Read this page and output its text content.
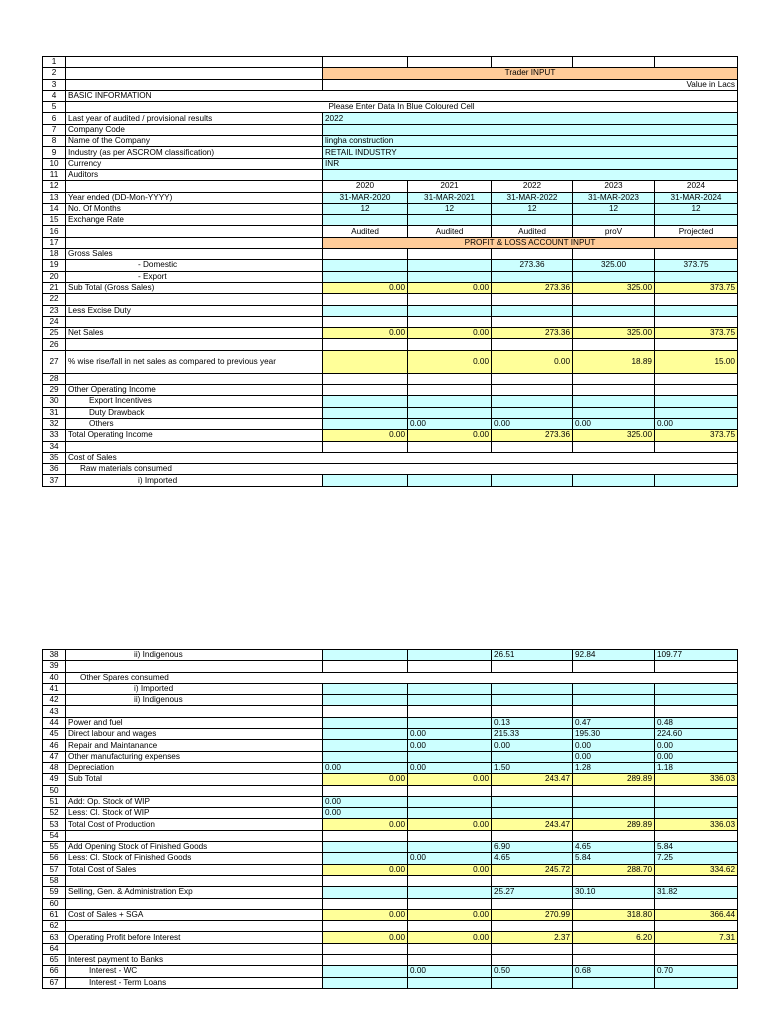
1						
2		Trader INPUT				
3		Value in Lacs				
4	BASIC INFORMATION					
5	Please Enter Data In Blue Coloured Cell					
6	Last year of audited / provisional results	2022				
7	Company Code					
8	Name of the Company	lingha construction				
9	Industry (as per ASCROM classification)	RETAIL INDUSTRY				
10	Currency	INR				
11	Auditors					
12		2020	2021	2022	2023	2024
13	Year ended (DD-Mon-YYYY)	31-MAR-2020	31-MAR-2021	31-MAR-2022	31-MAR-2023	31-MAR-2024
14	No. Of Months	12	12	12	12	12
15	Exchange Rate					
16		Audited	Audited	Audited	proV	Projected
17		PROFIT & LOSS ACCOUNT INPUT				
18	Gross Sales					
19	- Domestic			273.36	325.00	373.75
20	- Export					
21	Sub Total (Gross Sales)	0.00	0.00	273.36	325.00	373.75
22						
23	Less Excise Duty					
24						
25	Net Sales	0.00	0.00	273.36	325.00	373.75
26						
27	% wise rise/fall in net sales as compared to previous year		0.00	0.00	18.89	15.00
28						
29	Other Operating Income					
30	Export Incentives					
31	Duty Drawback					
32	Others		0.00	0.00	0.00	0.00
33	Total Operating Income	0.00	0.00	273.36	325.00	373.75
34						
35	Cost of Sales					
36	Raw materials consumed					
37	i) Imported					
38	ii) Indigenous			26.51	92.84	109.77
39						
40	Other Spares consumed					
41	i) Imported					
42	ii) Indigenous					
43						
44	Power and fuel			0.13	0.47	0.48
45	Direct labour and wages		0.00	215.33	195.30	224.60
46	Repair and Maintanance		0.00	0.00	0.00	0.00
47	Other manufacturing expenses				0.00	0.00
48	Depreciation	0.00	0.00	1.50	1.28	1.18
49	Sub Total	0.00	0.00	243.47	289.89	336.03
50						
51	Add: Op. Stock of WIP	0.00				
52	Less: Cl. Stock of WIP	0.00				
53	Total Cost of Production	0.00	0.00	243.47	289.89	336.03
54						
55	Add Opening Stock of Finished Goods			6.90	4.65	5.84
56	Less: Cl. Stock of Finished Goods		0.00	4.65	5.84	7.25
57	Total Cost of Sales	0.00	0.00	245.72	288.70	334.62
58						
59	Selling, Gen. & Administration Exp			25.27	30.10	31.82
60						
61	Cost of Sales + SGA	0.00	0.00	270.99	318.80	366.44
62						
63	Operating Profit before Interest	0.00	0.00	2.37	6.20	7.31
64						
65	Interest payment to Banks					
66	Interest - WC		0.00	0.50	0.68	0.70
67	Interest - Term Loans					
